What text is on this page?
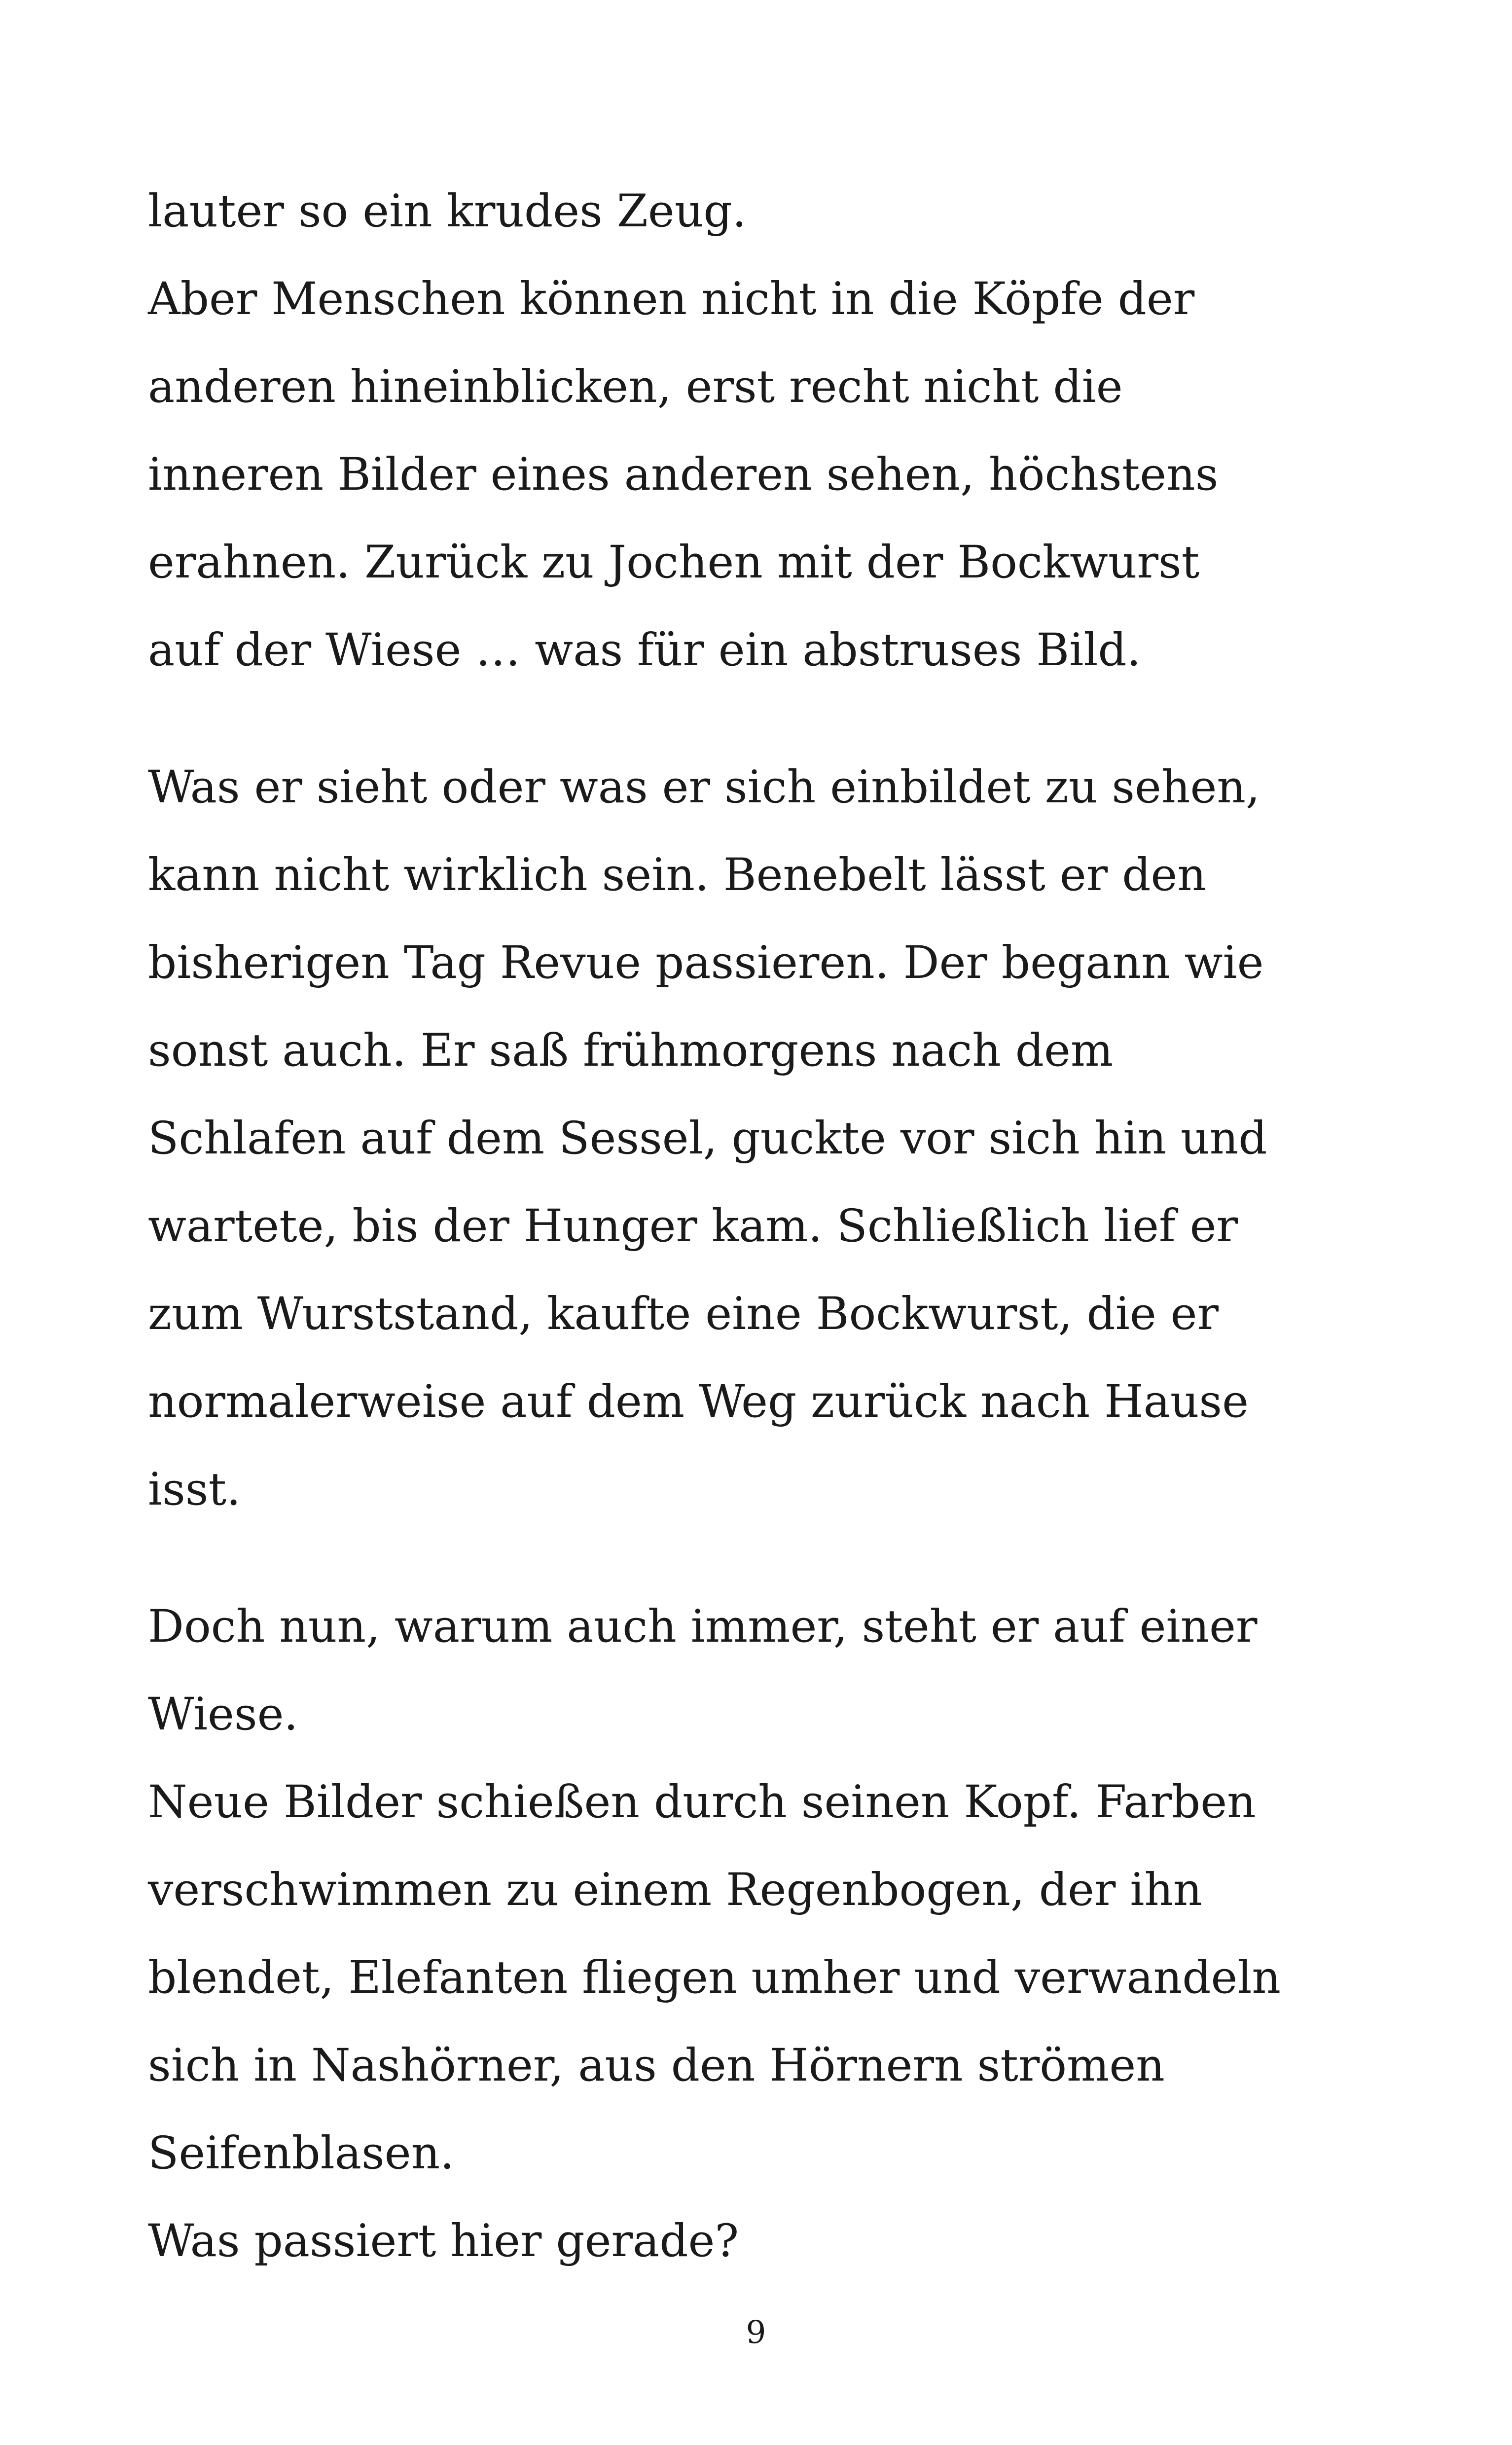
lauter so ein krudes Zeug.
Aber Menschen können nicht in die Köpfe der
anderen hineinblicken, erst recht nicht die
inneren Bilder eines anderen sehen, höchstens
erahnen. Zurück zu Jochen mit der Bockwurst
auf der Wiese … was für ein abstruses Bild.
Was er sieht oder was er sich einbildet zu sehen,
kann nicht wirklich sein. Benebelt lässt er den
bisherigen Tag Revue passieren. Der begann wie
sonst auch. Er saß frühmorgens nach dem
Schlafen auf dem Sessel, guckte vor sich hin und
wartete, bis der Hunger kam. Schließlich lief er
zum Wurststand, kaufte eine Bockwurst, die er
normalerweise auf dem Weg zurück nach Hause
isst.
Doch nun, warum auch immer, steht er auf einer
Wiese.
Neue Bilder schießen durch seinen Kopf. Farben
verschwimmen zu einem Regenbogen, der ihn
blendet, Elefanten fliegen umher und verwandeln
sich in Nashörner, aus den Hörnern strömen
Seifenblasen.
Was passiert hier gerade?
9
